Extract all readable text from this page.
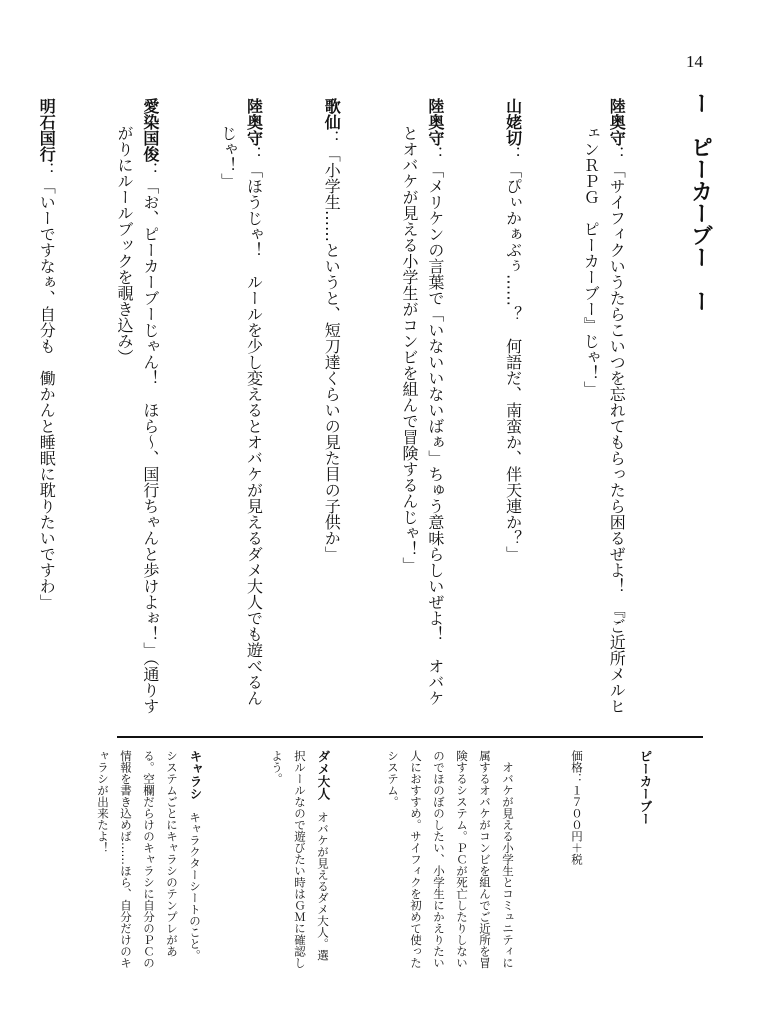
14
ー　ピーカーブー　ー

陸奥守：「サイフィクいうたらこいつを忘れてもらったら困るぜよ！　『ご近所メルヒェンＲＰＧ　ピーカーブー』じゃ！」

山姥切：「ぴぃかぁぶぅ……？　何語だ、南蛮か、伴天連か？」

陸奥守：「メリケンの言葉で「いないいないばぁ」ちゅう意味らしいぜよ！　オバケとオバケが見える小学生がコンビを組んで冒険するんじゃ！」

歌仙：「小学生……というと、短刀達くらいの見た目の子供か」

陸奥守：「ほうじゃ！　ルールを少し変えるとオバケが見えるダメ大人でも遊べるんじゃ！」

愛染国俊：「お、ピーカーブーじゃん！　ほら〜、国行ちゃんと歩けよぉ！」（通りすがりにルールブックを覗き込み）

明石国行：「いーですなぁ、自分も　働かんと睡眠に耽りたいですわ」

ピーカーブー

価格：１７００円＋税

　オバケが見える小学生とコミュニティに属するオバケがコンビを組んでご近所を冒険するシステム。ＰＣが死亡したりしないのでほのぼのしたい、小学生にかえりたい人におすすめ。サイフィクを初めて使ったシステム。

ダメ大人　オバケが見えるダメ大人。選択ルールなので遊びたい時はＧＭに確認しよう。

キャラシ　キャラクターシートのこと。システムごとにキャラシのテンプレがある。空欄だらけのキャラシに自分のＰＣの情報を書き込めば……ほら、自分だけのキャラシが出来たよ！
